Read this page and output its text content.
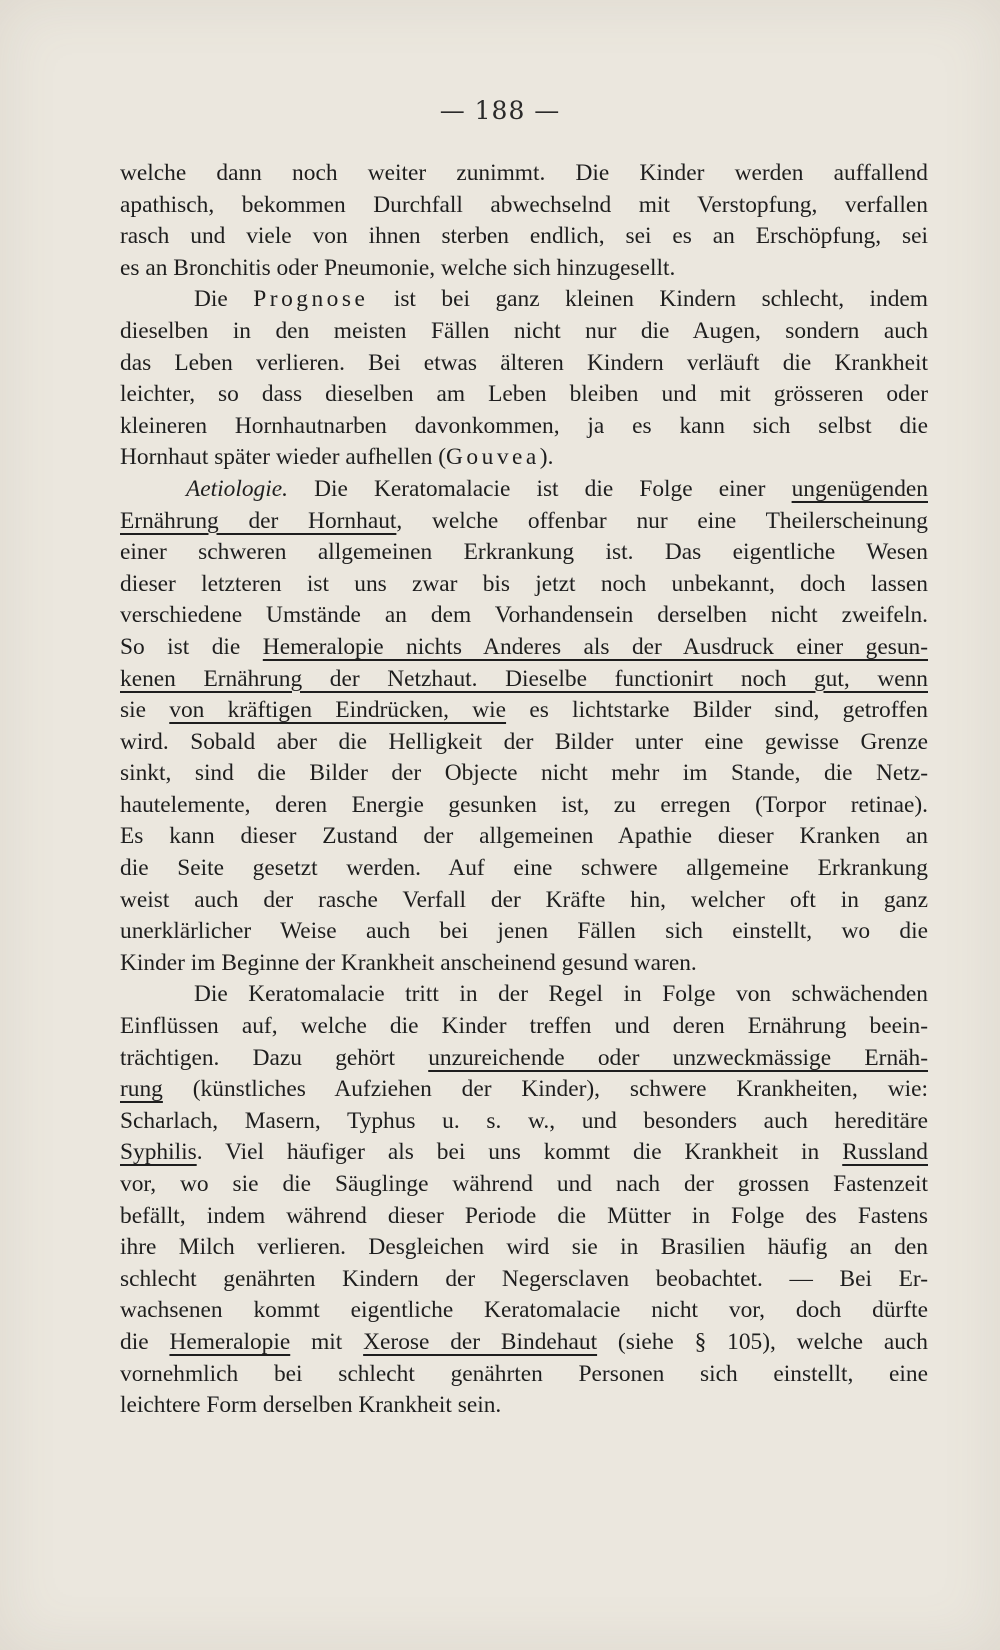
— 188 —
welche dann noch weiter zunimmt. Die Kinder werden auffallend
apathisch, bekommen Durchfall abwechselnd mit Verstopfung, verfallen
rasch und viele von ihnen sterben endlich, sei es an Erschöpfung, sei
es an Bronchitis oder Pneumonie, welche sich hinzugesellt.
Die Prognose ist bei ganz kleinen Kindern schlecht, indem
dieselben in den meisten Fällen nicht nur die Augen, sondern auch
das Leben verlieren. Bei etwas älteren Kindern verläuft die Krankheit
leichter, so dass dieselben am Leben bleiben und mit grösseren oder
kleineren Hornhautnarben davonkommen, ja es kann sich selbst die
Hornhaut später wieder aufhellen (Gouvea).
Aetiologie. Die Keratomalacie ist die Folge einer ungenügenden
Ernährung der Hornhaut, welche offenbar nur eine Theilerscheinung
einer schweren allgemeinen Erkrankung ist. Das eigentliche Wesen
dieser letzteren ist uns zwar bis jetzt noch unbekannt, doch lassen
verschiedene Umstände an dem Vorhandensein derselben nicht zweifeln.
So ist die Hemeralopie nichts Anderes als der Ausdruck einer gesun-
kenen Ernährung der Netzhaut. Dieselbe functionirt noch gut, wenn
sie von kräftigen Eindrücken, wie es lichtstarke Bilder sind, getroffen
wird. Sobald aber die Helligkeit der Bilder unter eine gewisse Grenze
sinkt, sind die Bilder der Objecte nicht mehr im Stande, die Netz-
hautelemente, deren Energie gesunken ist, zu erregen (Torpor retinae).
Es kann dieser Zustand der allgemeinen Apathie dieser Kranken an
die Seite gesetzt werden. Auf eine schwere allgemeine Erkrankung
weist auch der rasche Verfall der Kräfte hin, welcher oft in ganz
unerklärlicher Weise auch bei jenen Fällen sich einstellt, wo die
Kinder im Beginne der Krankheit anscheinend gesund waren.
Die Keratomalacie tritt in der Regel in Folge von schwächenden
Einflüssen auf, welche die Kinder treffen und deren Ernährung beein-
trächtigen. Dazu gehört unzureichende oder unzweckmässige Ernäh-
rung (künstliches Aufziehen der Kinder), schwere Krankheiten, wie:
Scharlach, Masern, Typhus u. s. w., und besonders auch hereditäre
Syphilis. Viel häufiger als bei uns kommt die Krankheit in Russland
vor, wo sie die Säuglinge während und nach der grossen Fastenzeit
befällt, indem während dieser Periode die Mütter in Folge des Fastens
ihre Milch verlieren. Desgleichen wird sie in Brasilien häufig an den
schlecht genährten Kindern der Negersclaven beobachtet. — Bei Er-
wachsenen kommt eigentliche Keratomalacie nicht vor, doch dürfte
die Hemeralopie mit Xerose der Bindehaut (siehe § 105), welche auch
vornehmlich bei schlecht genährten Personen sich einstellt, eine
leichtere Form derselben Krankheit sein.
